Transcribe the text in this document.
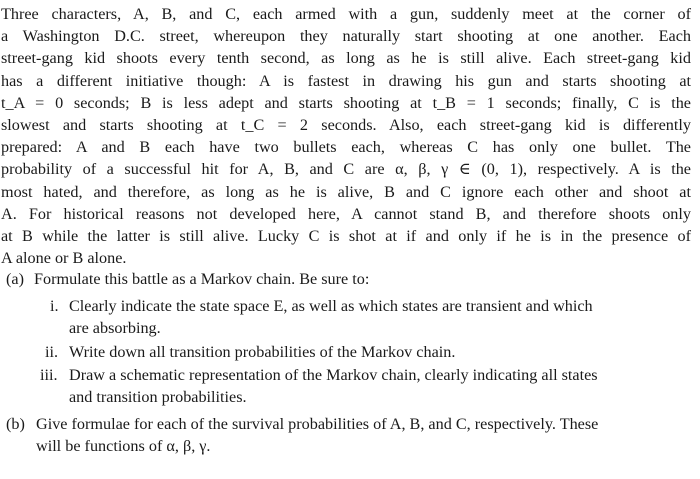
Three characters, A, B, and C, each armed with a gun, suddenly meet at the corner of
a Washington D.C. street, whereupon they naturally start shooting at one another. Each
street-gang kid shoots every tenth second, as long as he is still alive. Each street-gang kid
has a different initiative though: A is fastest in drawing his gun and starts shooting at
t_A = 0 seconds; B is less adept and starts shooting at t_B = 1 seconds; finally, C is the
slowest and starts shooting at t_C = 2 seconds. Also, each street-gang kid is differently
prepared: A and B each have two bullets each, whereas C has only one bullet. The
probability of a successful hit for A, B, and C are α, β, γ ∈ (0, 1), respectively. A is the
most hated, and therefore, as long as he is alive, B and C ignore each other and shoot at
A. For historical reasons not developed here, A cannot stand B, and therefore shoots only
at B while the latter is still alive. Lucky C is shot at if and only if he is in the presence of
A alone or B alone.
(a) Formulate this battle as a Markov chain. Be sure to:
i. Clearly indicate the state space E, as well as which states are transient and which
are absorbing.
ii. Write down all transition probabilities of the Markov chain.
iii. Draw a schematic representation of the Markov chain, clearly indicating all states
and transition probabilities.
(b) Give formulae for each of the survival probabilities of A, B, and C, respectively. These
will be functions of α, β, γ.
